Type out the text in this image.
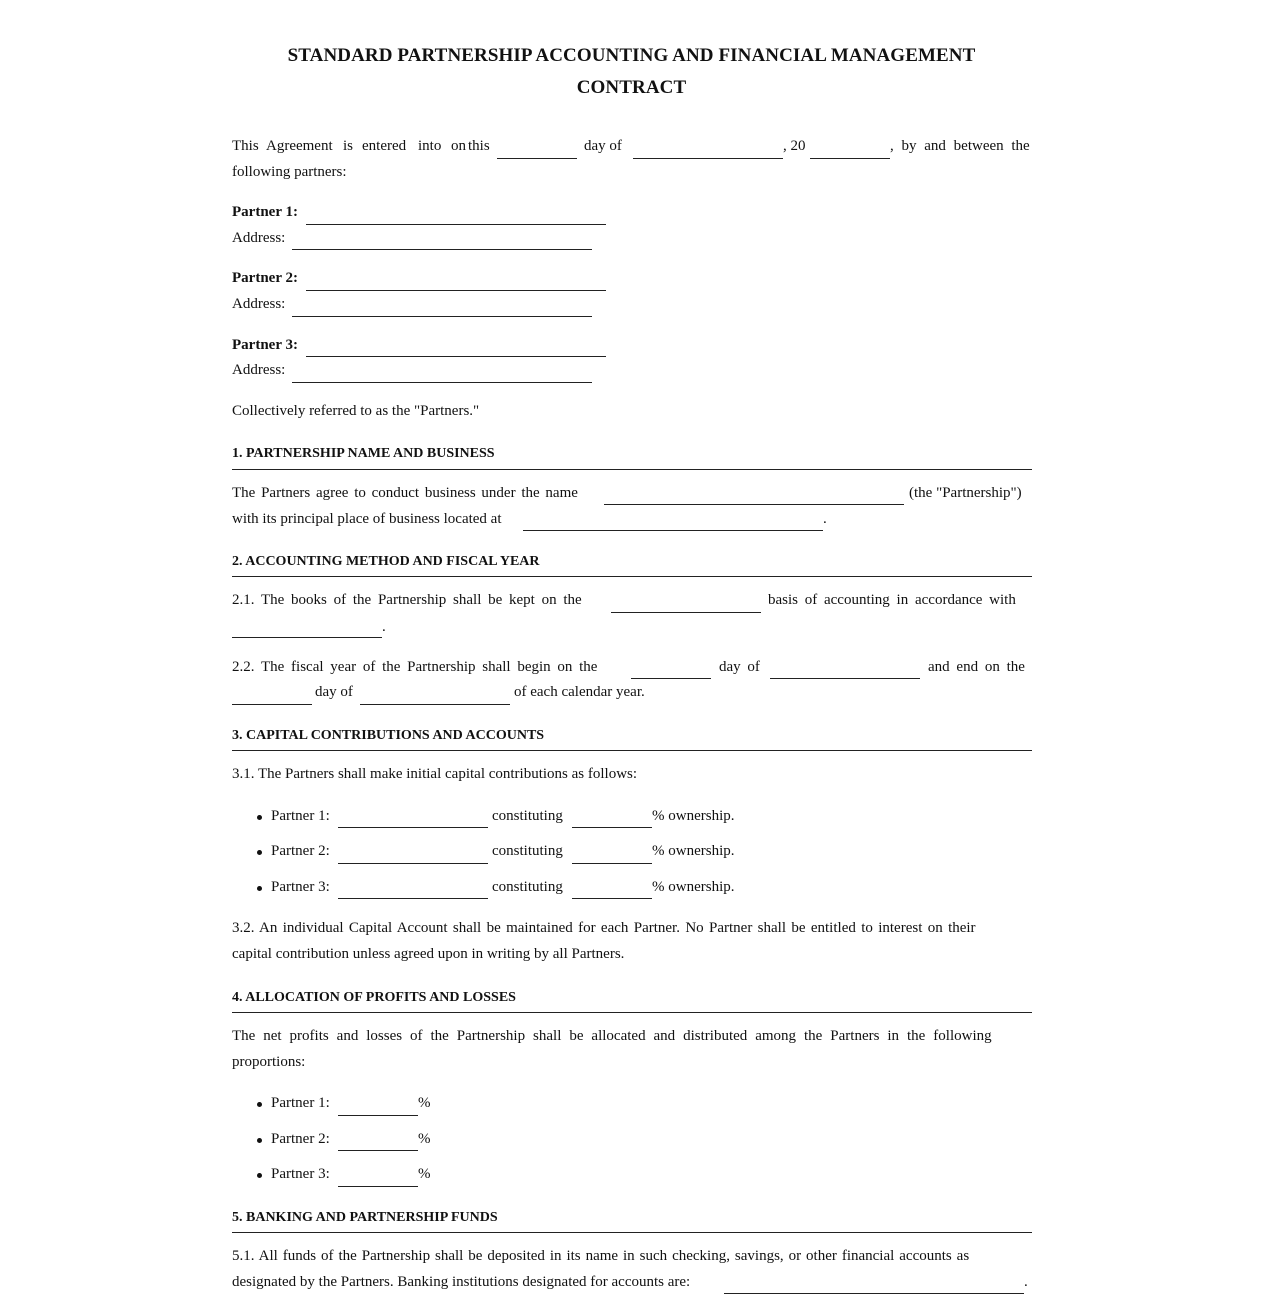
STANDARD PARTNERSHIP ACCOUNTING AND FINANCIAL MANAGEMENT
CONTRACT
This Agreement is entered into on this	day of	, 20	, by and between the
following partners:
Partner 1:
Address:
Partner 2:
Address:
Partner 3:
Address:
Collectively referred to as the "Partners."
1. PARTNERSHIP NAME AND BUSINESS
The Partners agree to conduct business under the name	(the "Partnership")
with its principal place of business located at	.
2. ACCOUNTING METHOD AND FISCAL YEAR
2.1. The books of the Partnership shall be kept on the	basis of accounting in accordance with
.
2.2. The fiscal year of the Partnership shall begin on the	day of	and end on the
day of	of each calendar year.
3. CAPITAL CONTRIBUTIONS AND ACCOUNTS
3.1. The Partners shall make initial capital contributions as follows:
Partner 1:	constituting	% ownership.
Partner 2:	constituting	% ownership.
Partner 3:	constituting	% ownership.
3.2. An individual Capital Account shall be maintained for each Partner. No Partner shall be entitled to interest on their
capital contribution unless agreed upon in writing by all Partners.
4. ALLOCATION OF PROFITS AND LOSSES
The net profits and losses of the Partnership shall be allocated and distributed among the Partners in the following
proportions:
Partner 1:	%
Partner 2:	%
Partner 3:	%
5. BANKING AND PARTNERSHIP FUNDS
5.1. All funds of the Partnership shall be deposited in its name in such checking, savings, or other financial accounts as
designated by the Partners. Banking institutions designated for accounts are:	.
